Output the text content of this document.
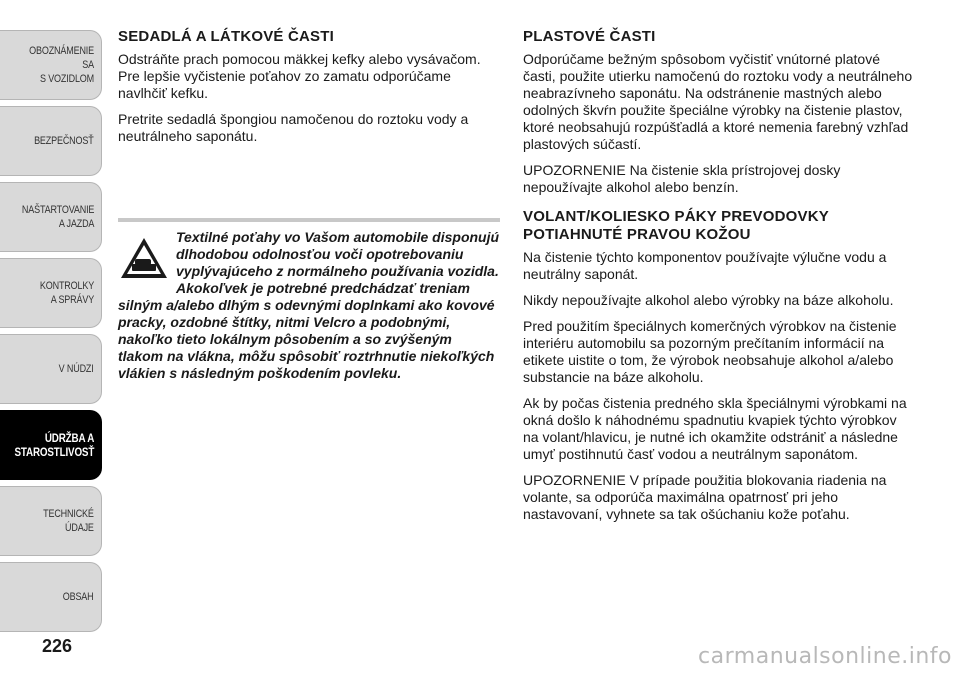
OBOZNÁMENIE SA
S VOZIDLOM
BEZPEČNOSŤ
NAŠTARTOVANIE
A JAZDA
KONTROLKY
A SPRÁVY
V NÚDZI
ÚDRŽBA A
STAROSTLIVOSŤ
TECHNICKÉ
ÚDAJE
OBSAH
226
SEDADLÁ A LÁTKOVÉ ČASTI

Odstráňte prach pomocou mäkkej kefky alebo vysávačom. Pre lepšie vyčistenie poťahov zo zamatu odporúčame navlhčiť kefku.

Pretrite sedadlá špongiou namočenou do roztoku vody a neutrálneho saponátu.

Textilné poťahy vo Vašom automobile disponujú dlhodobou odolnosťou voči opotrebovaniu vyplývajúceho z normálneho používania vozidla. Akokoľvek je potrebné predchádzať treniam silným a/alebo dlhým s odevnými doplnkami ako kovové pracky, ozdobné štítky, nitmi Velcro a podobnými, nakoľko tieto lokálnym pôsobením a so zvýšeným tlakom na vlákna, môžu spôsobiť roztrhnutie niekoľkých vlákien s následným poškodením povleku.

PLASTOVÉ ČASTI

Odporúčame bežným spôsobom vyčistiť vnútorné platové časti, použite utierku namočenú do roztoku vody a neutrálneho neabrazívneho saponátu. Na odstránenie mastných alebo odolných škvŕn použite špeciálne výrobky na čistenie plastov, ktoré neobsahujú rozpúšťadlá a ktoré nemenia farebný vzhľad plastových súčastí.

UPOZORNENIE Na čistenie skla prístrojovej dosky nepoužívajte alkohol alebo benzín.

VOLANT/KOLIESKO PÁKY PREVODOVKY POTIAHNUTÉ PRAVOU KOŽOU

Na čistenie týchto komponentov používajte výlučne vodu a neutrálny saponát.

Nikdy nepoužívajte alkohol alebo výrobky na báze alkoholu.

Pred použitím špeciálnych komerčných výrobkov na čistenie interiéru automobilu sa pozorným prečítaním informácií na etikete uistite o tom, že výrobok neobsahuje alkohol a/alebo substancie na báze alkoholu.

Ak by počas čistenia predného skla špeciálnymi výrobkami na okná došlo k náhodnému spadnutiu kvapiek týchto výrobkov na volant/hlavicu, je nutné ich okamžite odstrániť a následne umyť postihnutú časť vodou a neutrálnym saponátom.

UPOZORNENIE V prípade použitia blokovania riadenia na volante, sa odporúča maximálna opatrnosť pri jeho nastavovaní, vyhnete sa tak ošúchaniu kože poťahu.

carmanualsonline.info
